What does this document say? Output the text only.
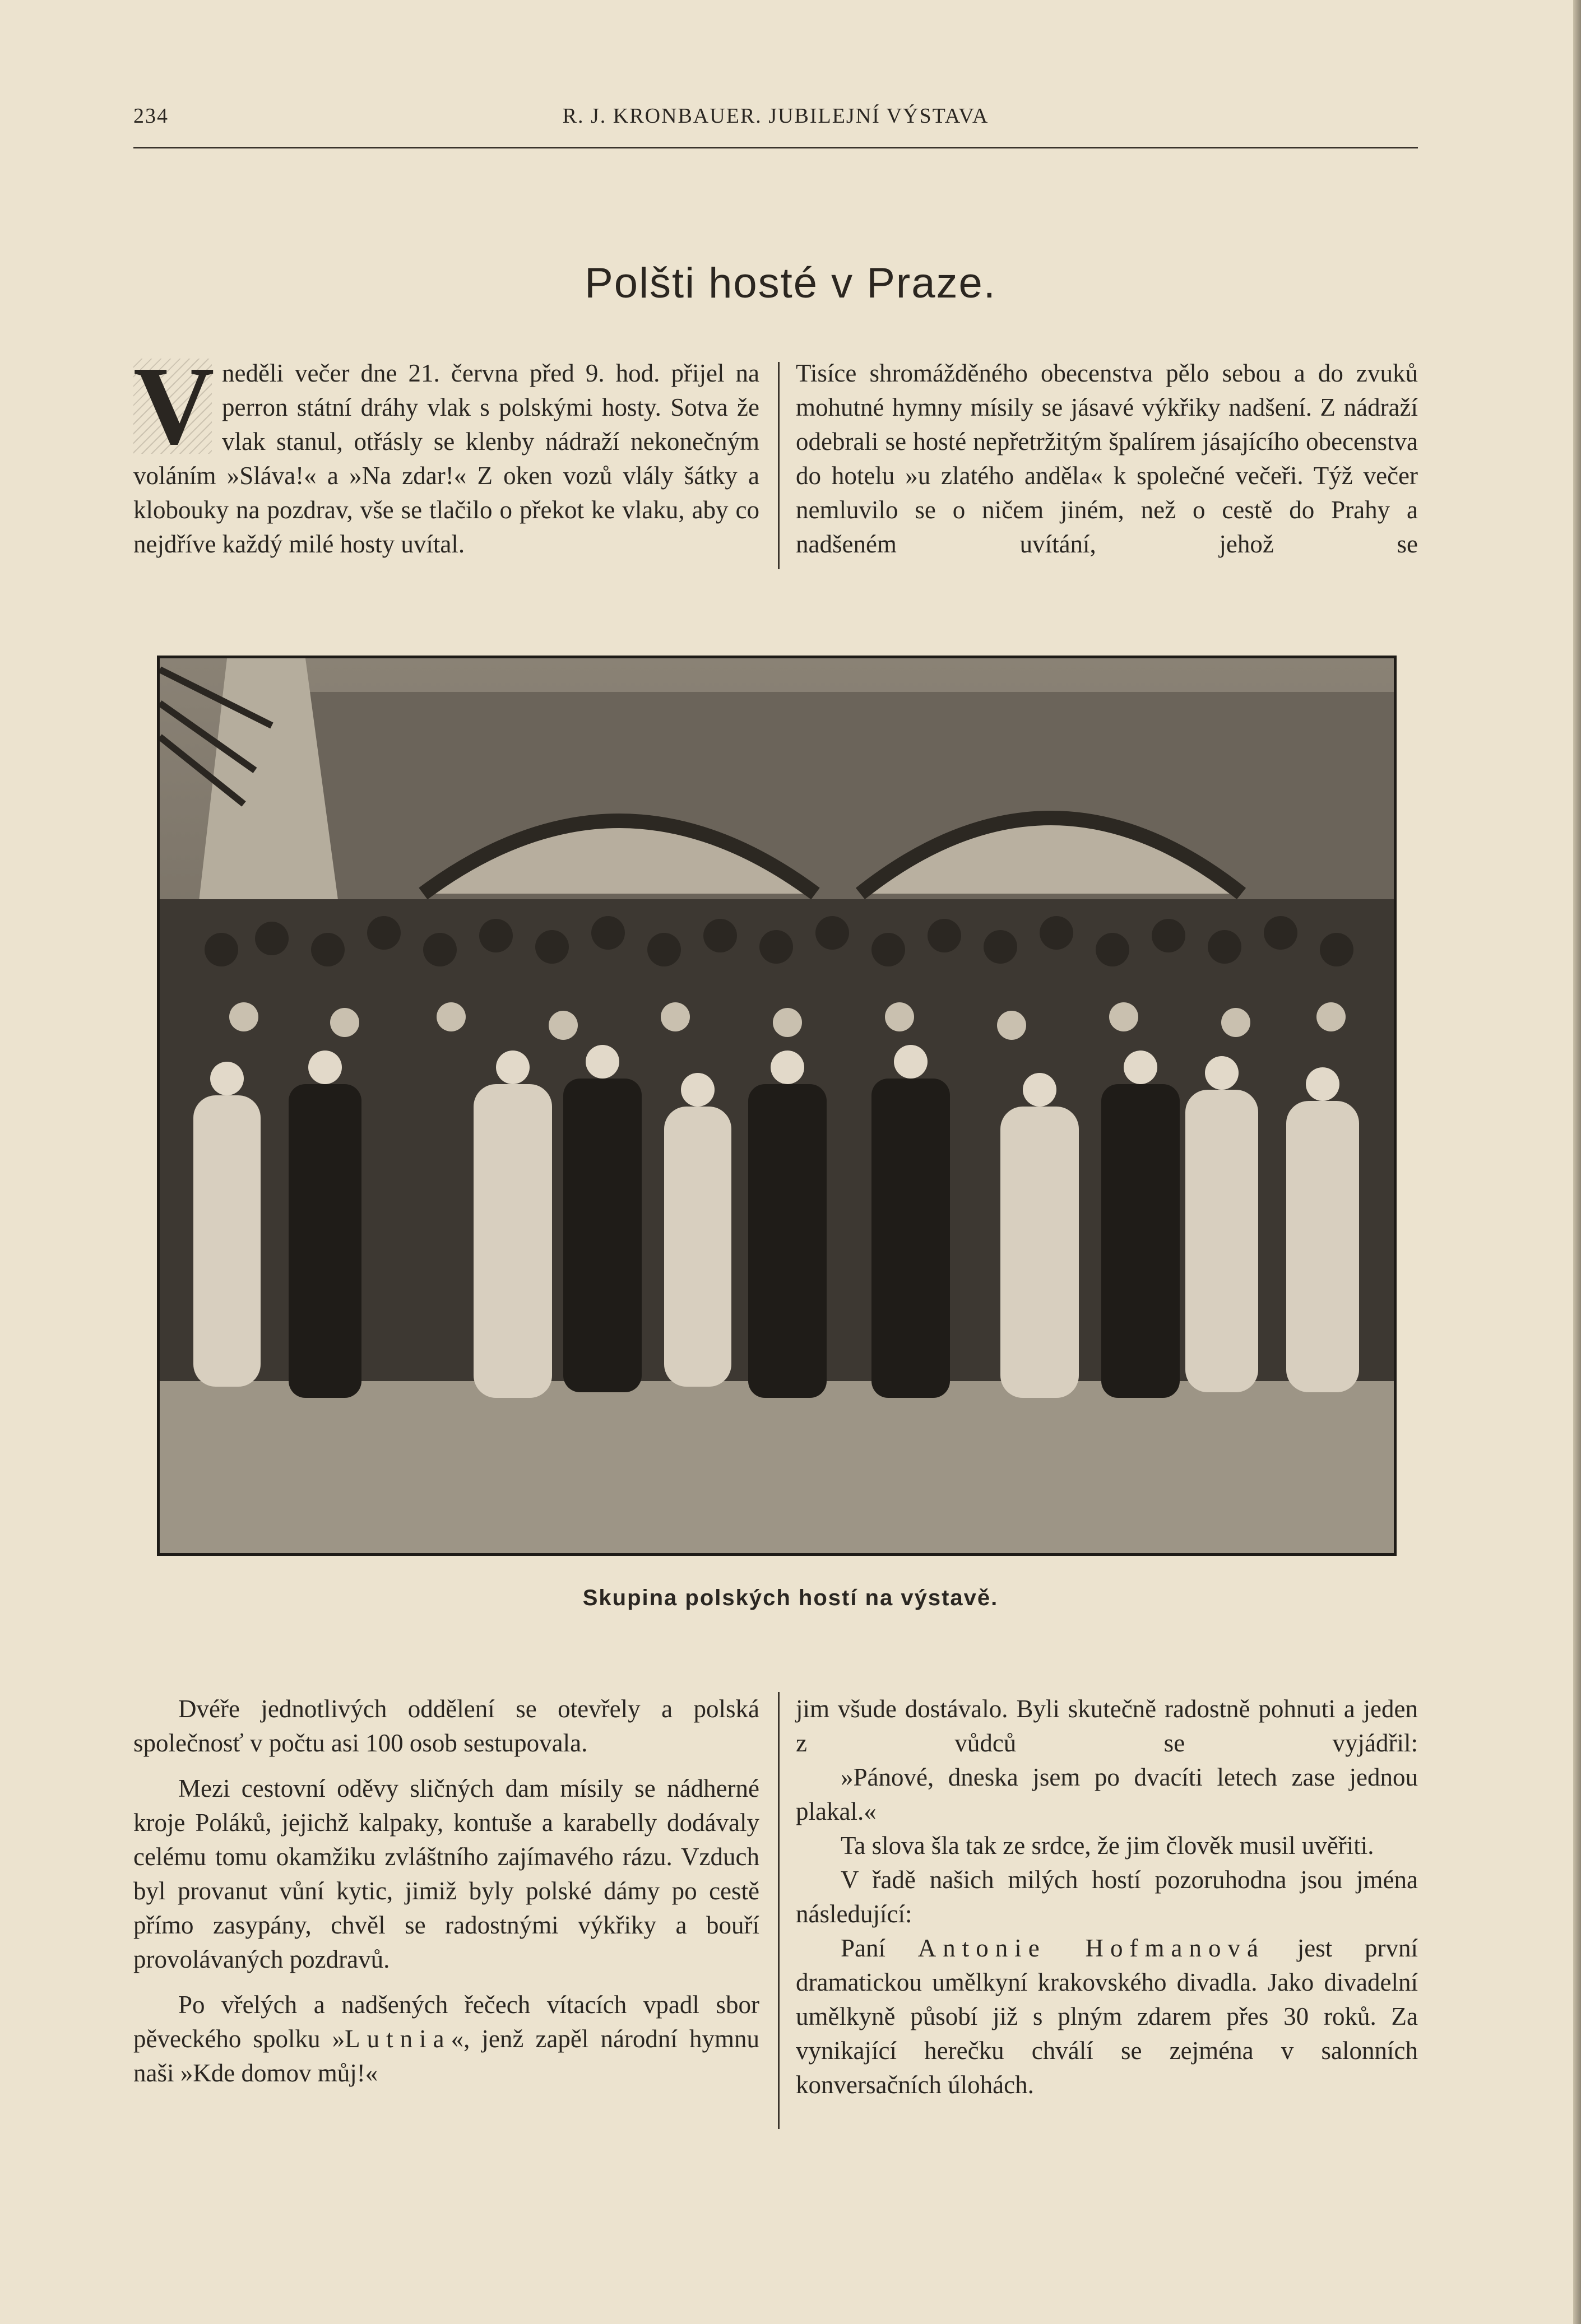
234	R. J. KRONBAUER. JUBILEJNÍ VÝSTAVA
Polšti hosté v Praze.

V neděli večer dne 21. června před 9. hod. přijel na perron státní dráhy vlak s polskými hosty. Sotva že vlak stanul, otřásly se klenby nádraží nekonečným voláním »Sláva!« a »Na zdar!« Z oken vozů vlály šátky a klobouky na pozdrav, vše se tlačilo o překot ke vlaku, aby co nejdříve každý milé hosty uvítal.

Tisíce shromážděného obecenstva pělo sebou a do zvuků mohutné hymny mísily se jásavé výkřiky nadšení. Z nádraží odebrali se hosté nepřetržitým špalírem jásajícího obecenstva do hotelu »u zlatého anděla« k společné večeři. Týž večer nemluvilo se o ničem jiném, než o cestě do Prahy a nadšeném uvítání, jehož se

Skupina polských hostí na výstavě.

Dvéře jednotlivých oddělení se otevřely a polská společnosť v počtu asi 100 osob sestupovala.

Mezi cestovní oděvy sličných dam mísily se nádherné kroje Poláků, jejichž kalpaky, kontuše a karabelly dodávaly celému tomu okamžiku zvláštního zajímavého rázu. Vzduch byl provanut vůní kytic, jimiž byly polské dámy po cestě přímo zasypány, chvěl se radostnými výkřiky a bouří provolávaných pozdravů.

Po vřelých a nadšených řečech vítacích vpadl sbor pěveckého spolku »Lutnia«, jenž zapěl národní hymnu naši »Kde domov můj!«

jim všude dostávalo. Byli skutečně radostně pohnuti a jeden z vůdců se vyjádřil:

»Pánové, dneska jsem po dvacíti letech zase jednou plakal.«

Ta slova šla tak ze srdce, že jim člověk musil uvěřiti.

V řadě našich milých hostí pozoruhodna jsou jména následující:

Paní Antonie Hofmanová jest první dramatickou umělkyní krakovského divadla. Jako divadelní umělkyně působí již s plným zdarem přes 30 roků. Za vynikající herečku chválí se zejména v salonních konversačních úlohách.
